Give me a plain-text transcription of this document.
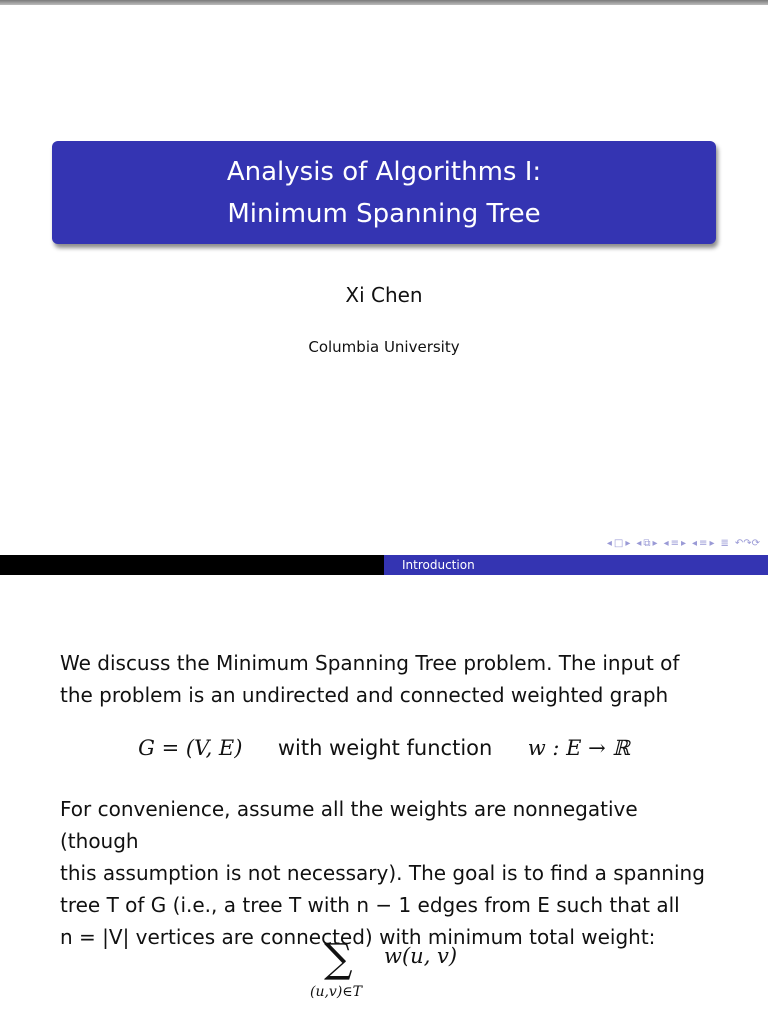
Analysis of Algorithms I:
Minimum Spanning Tree
Xi Chen
Columbia University
◂ □ ▸ ◂ ⧉ ▸ ◂ ≡ ▸ ◂ ≡ ▸ ≣ ↶↷⟳
Introduction
We discuss the Minimum Spanning Tree problem. The input of
the problem is an undirected and connected weighted graph
G = (V, E) with weight function w : E → ℝ
For convenience, assume all the weights are nonnegative (though
this assumption is not necessary). The goal is to find a spanning
tree T of G (i.e., a tree T with n − 1 edges from E such that all
n = |V| vertices are connected) with minimum total weight:
∑ w(u, v)
(u,v)∈T
